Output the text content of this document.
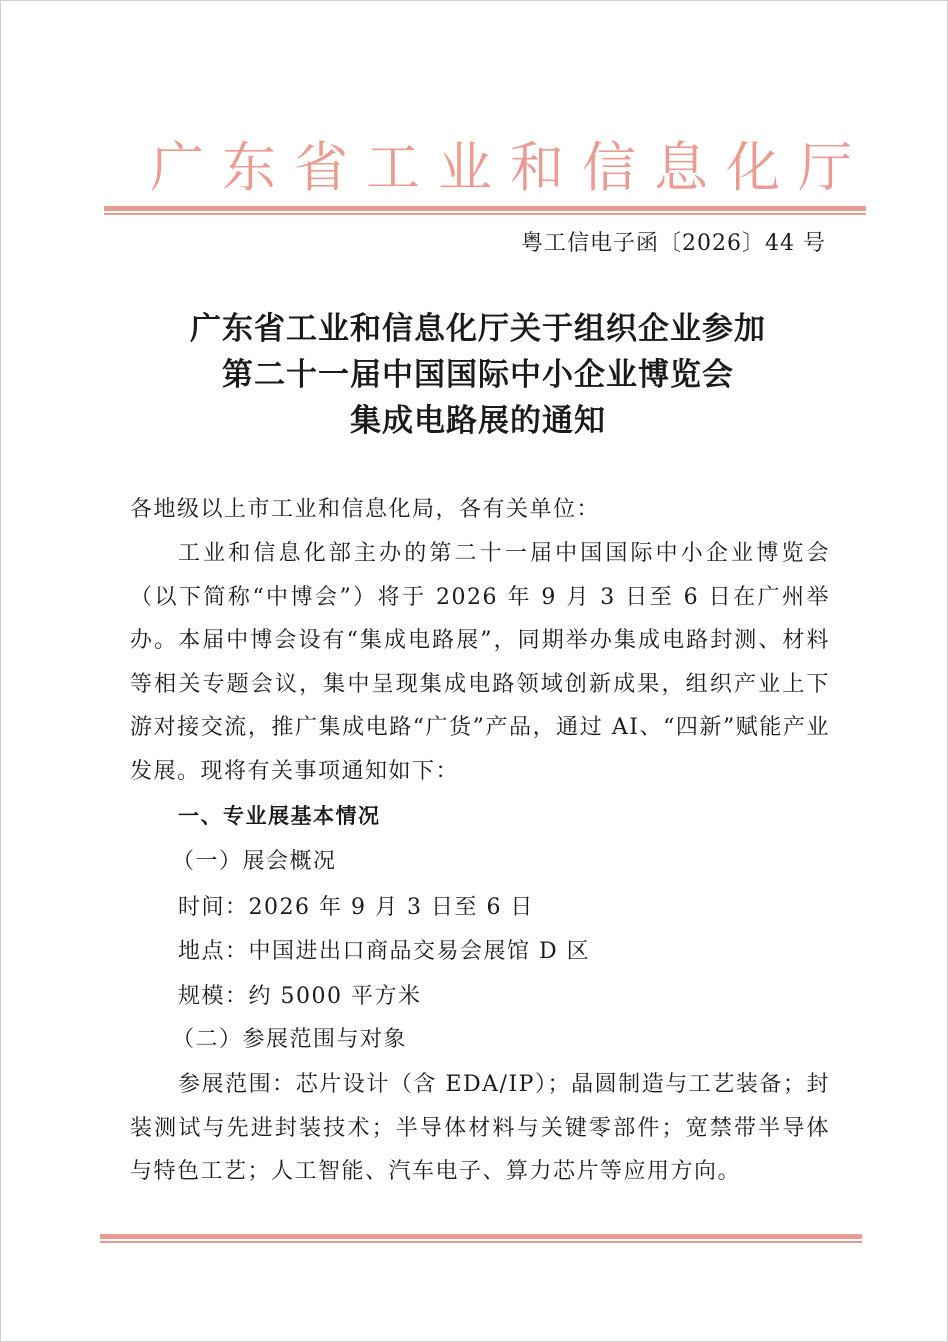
广东省工业和信息化厅
粤工信电子函〔2026〕44 号
广东省工业和信息化厅关于组织企业参加
第二十一届中国国际中小企业博览会
集成电路展的通知
各地级以上市工业和信息化局，各有关单位：
工业和信息化部主办的第二十一届中国国际中小企业博览会（以下简称“中博会”）将于 2026 年 9 月 3 日至 6 日在广州举办。本届中博会设有“集成电路展”，同期举办集成电路封测、材料等相关专题会议，集中呈现集成电路领域创新成果，组织产业上下游对接交流，推广集成电路“广货”产品，通过 AI、“四新”赋能产业发展。现将有关事项通知如下：
一、专业展基本情况
（一）展会概况
时间：2026 年 9 月 3 日至 6 日
地点：中国进出口商品交易会展馆 D 区
规模：约 5000 平方米
（二）参展范围与对象
参展范围：芯片设计（含 EDA/IP）；晶圆制造与工艺装备；封装测试与先进封装技术；半导体材料与关键零部件；宽禁带半导体与特色工艺；人工智能、汽车电子、算力芯片等应用方向。
